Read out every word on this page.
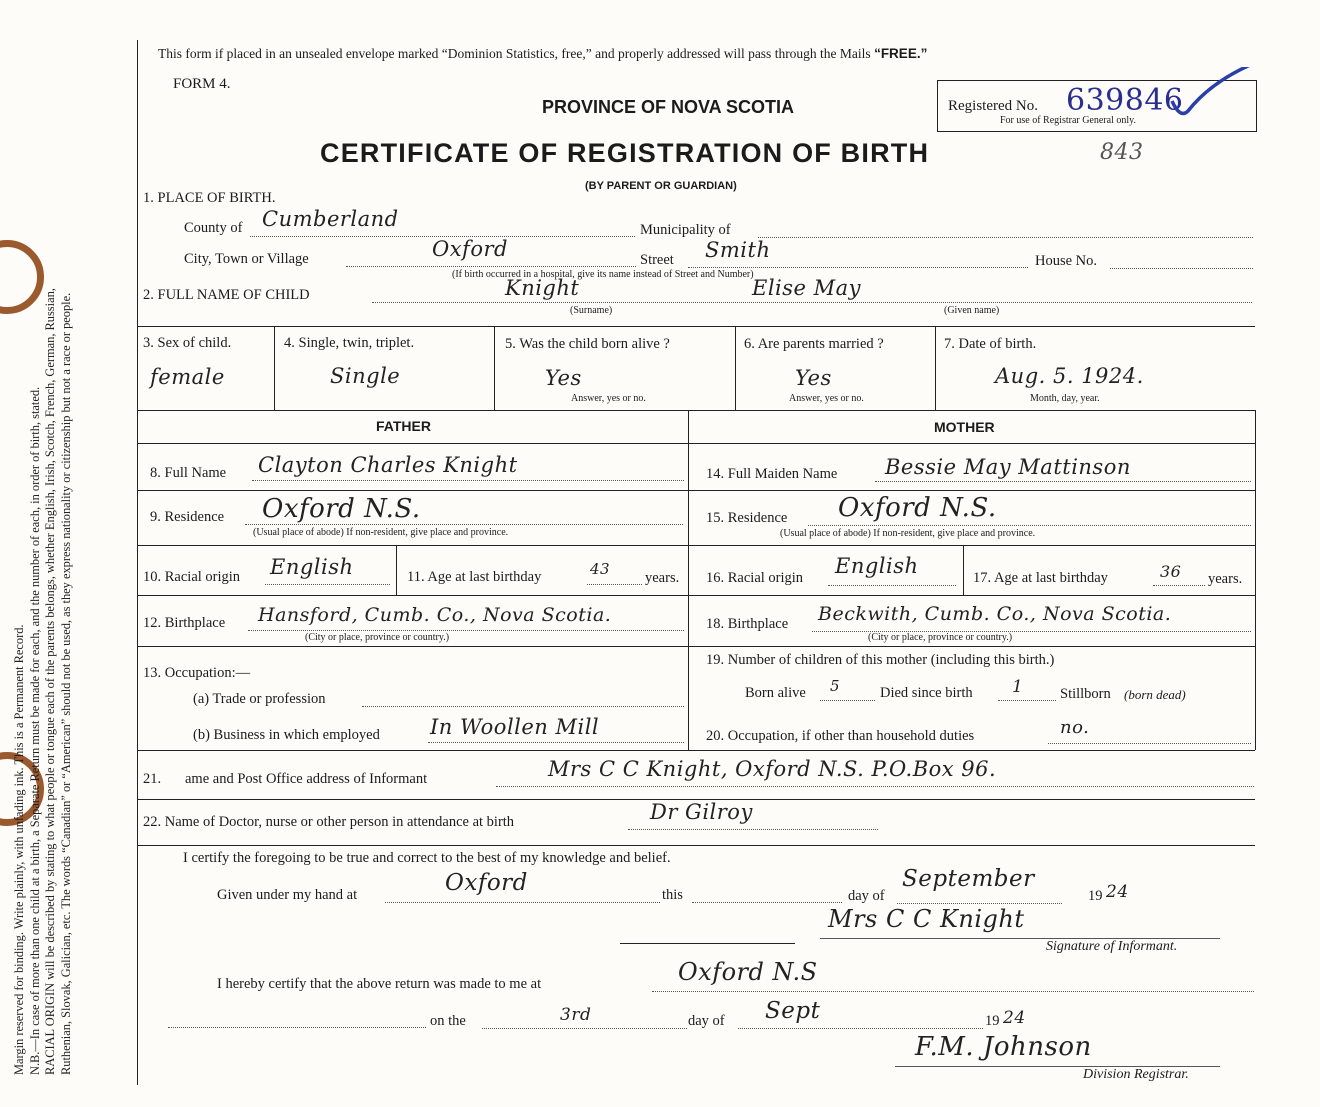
Margin reserved for binding. Write plainly, with unfading ink. This is a Permanent Record. N.B.—In case of more than one child at a birth, a Separate Return must be made for each, and the number of each, in order of birth, stated. RACIAL ORIGIN will be described by stating to what people or tongue each of the parents belongs, whether English, Irish, Scotch, French, German, Russian, Ruthenian, Slovak, Galician, etc. The words “Canadian” or “American” should not be used, as they express nationality or citizenship but not a race or people.
This form if placed in an unsealed envelope marked “Dominion Statistics, free,” and properly addressed will pass through the Mails “FREE.”
FORM 4.
PROVINCE OF NOVA SCOTIA
CERTIFICATE OF REGISTRATION OF BIRTH
(BY PARENT OR GUARDIAN)
843
Registered No. 639846
For use of Registrar General only.
1. PLACE OF BIRTH.
County of Cumberland	Municipality of
City, Town or Village	Oxford	Street Smith	House No.
(If birth occurred in a hospital, give its name instead of Street and Number)
2. FULL NAME OF CHILD	Knight	Elise May
(Surname)	(Given name)
3. Sex of child.
female
4. Single, twin, triplet.
Single
5. Was the child born alive ?
Yes
Answer, yes or no.
6. Are parents married ?
Yes
Answer, yes or no.
7. Date of birth.
Aug. 5. 1924.
Month, day, year.
FATHER	MOTHER
8. Full Name Clayton Charles Knight
9. Residence Oxford N.S.
(Usual place of abode) If non-resident, give place and province.
10. Racial origin English	11. Age at last birthday	43 years.
12. Birthplace Hansford, Cumb. Co., Nova Scotia.
(City or place, province or country.)
13. Occupation:—
(a) Trade or profession
(b) Business in which employed In Woollen Mill
14. Full Maiden Name Bessie May Mattinson
15. Residence Oxford N.S.
(Usual place of abode) If non-resident, give place and province.
16. Racial origin English	17. Age at last birthday	36 years.
18. Birthplace Beckwith, Cumb. Co., Nova Scotia.
(City or place, province or country.)
19. Number of children of this mother (including this birth.)
Born alive 5	Died since birth 1	Stillborn (born dead)
20. Occupation, if other than household duties	no.
21. ame and Post Office address of Informant	Mrs C C Knight, Oxford N.S. P.O.Box 96.
22. Name of Doctor, nurse or other person in attendance at birth	Dr Gilroy
I certify the foregoing to be true and correct to the best of my knowledge and belief.
Given under my hand at	Oxford	this	day of
September
19 24
Mrs C C Knight
Signature of Informant.
I hereby certify that the above return was made to me at	Oxford N.S
on the	3rd	day of Sept	19 24
F.M. Johnson
Division Registrar.
